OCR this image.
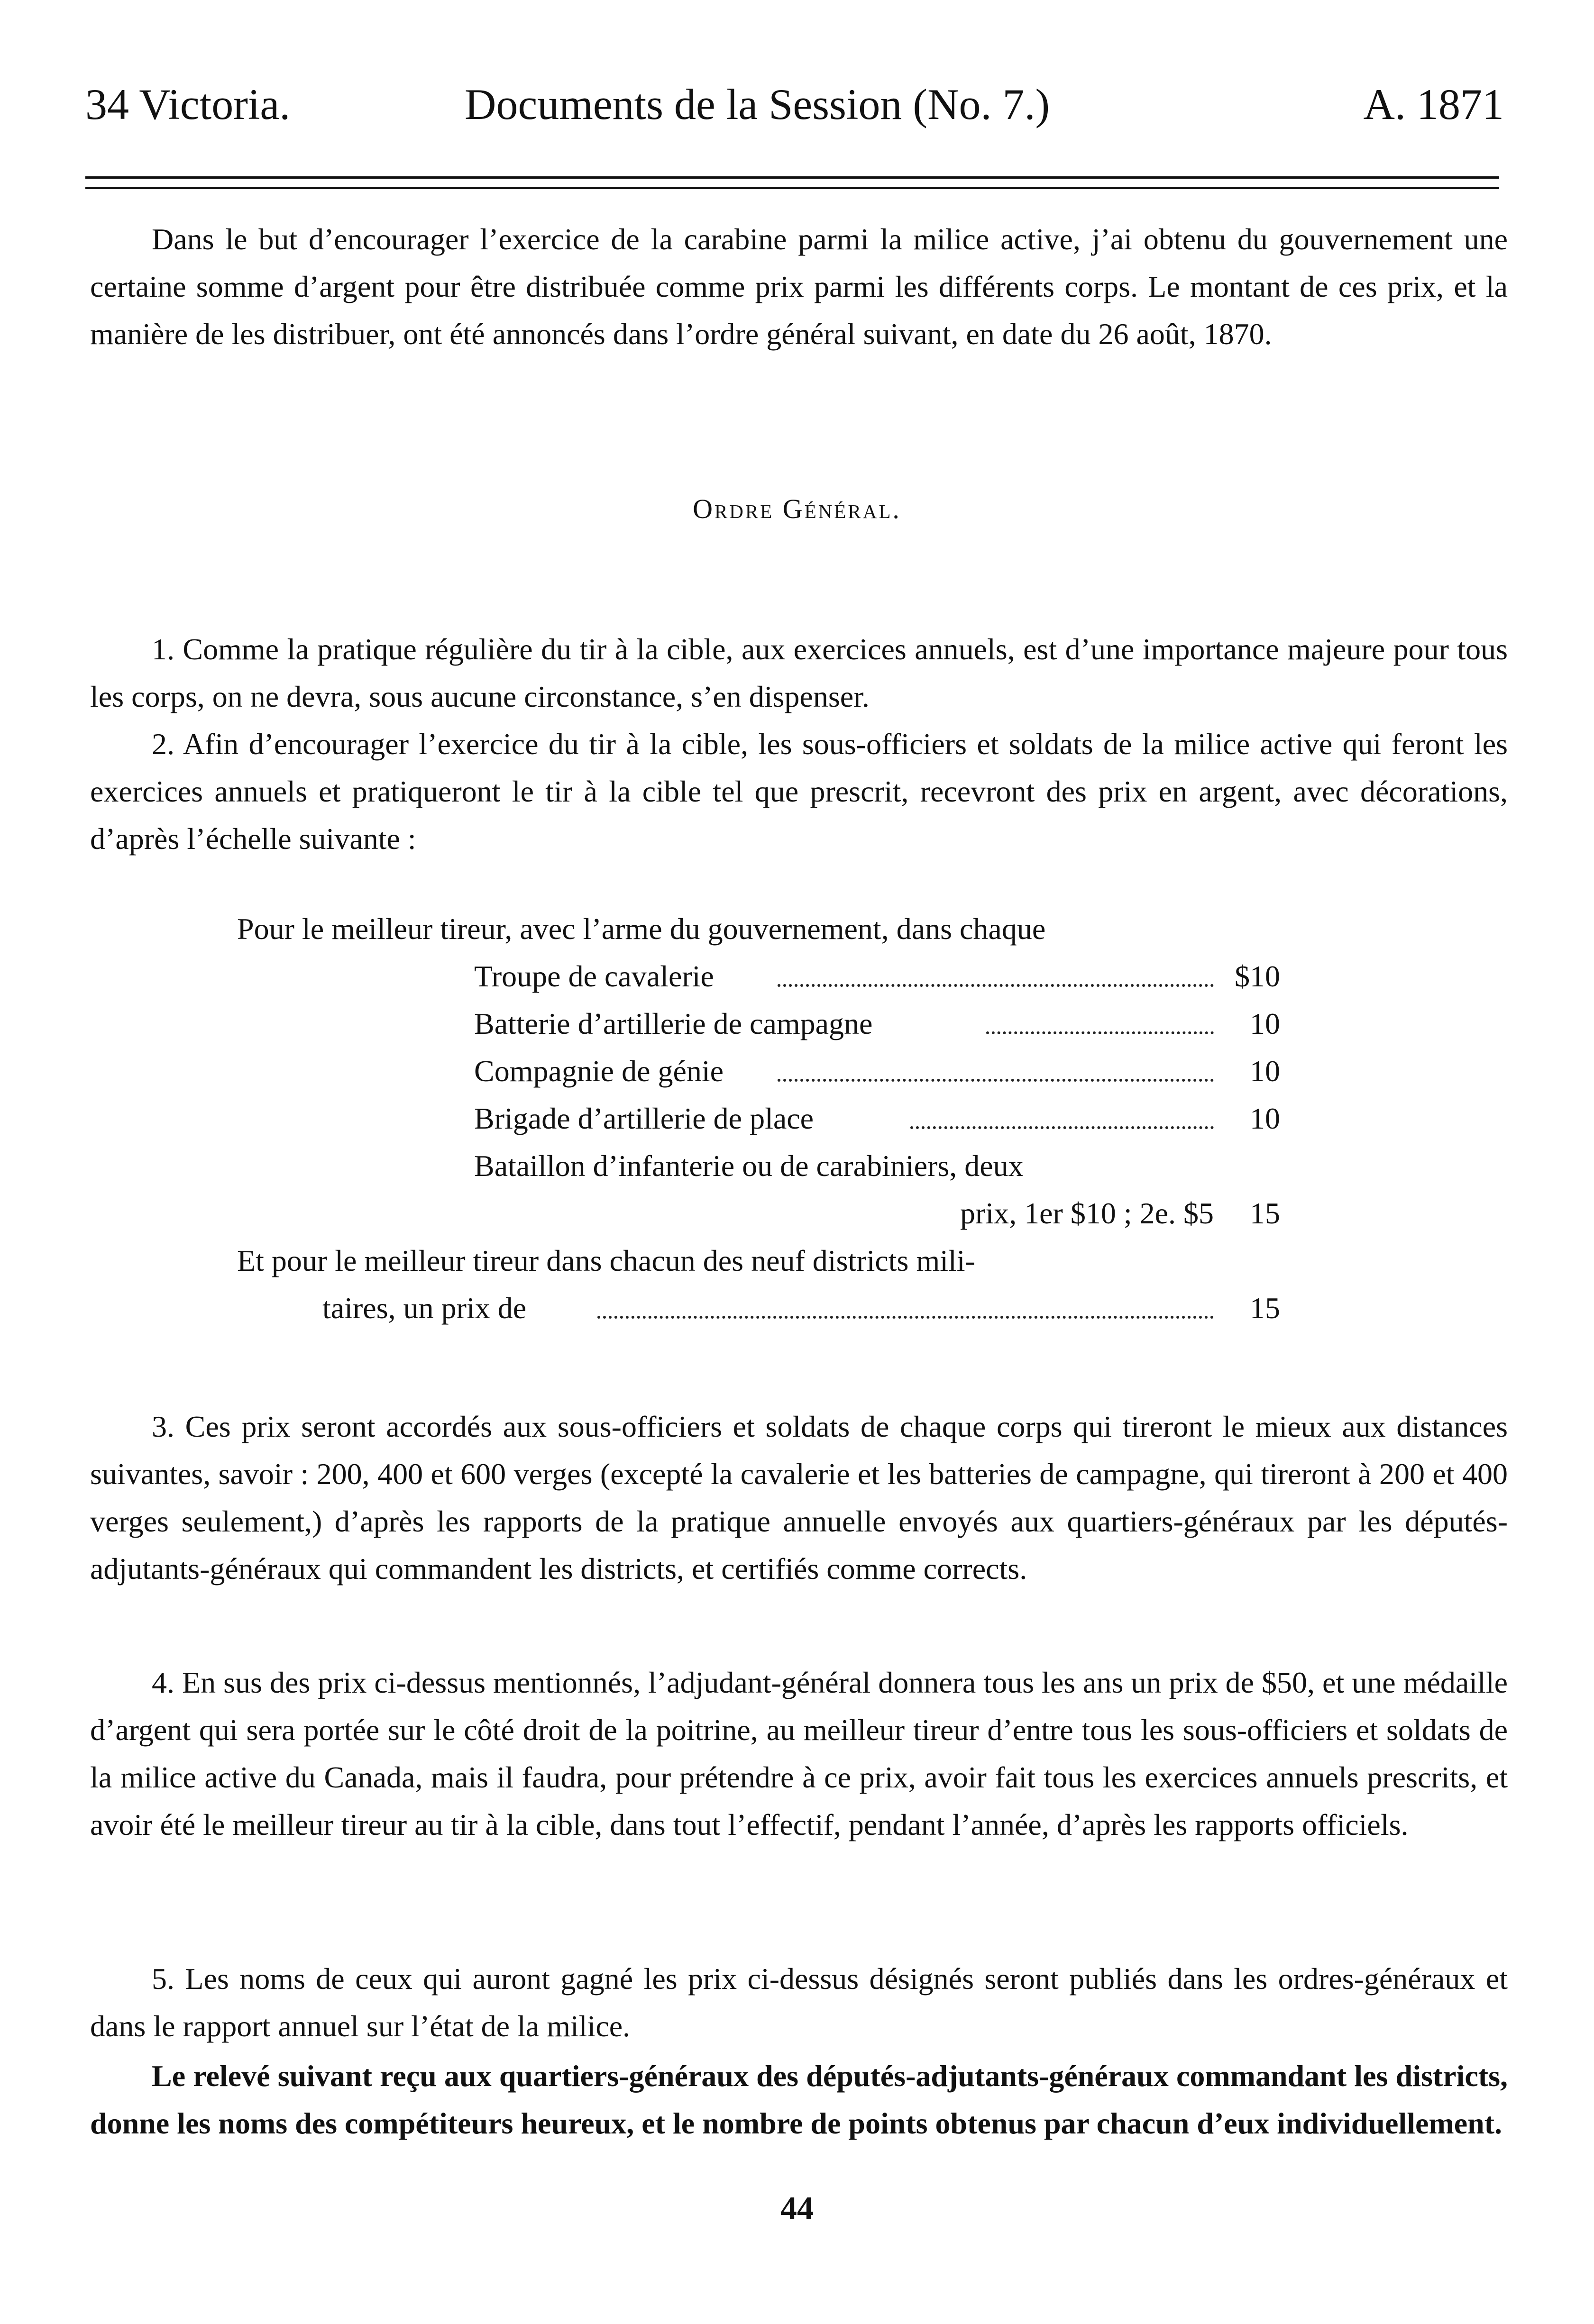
34 Victoria.	Documents de la Session (No. 7.)	A. 1871

Dans le but d’encourager l’exercice de la carabine parmi la milice active, j’ai obtenu du gouvernement une certaine somme d’argent pour être distribuée comme prix parmi les différents corps. Le montant de ces prix, et la manière de les distribuer, ont été annoncés dans l’ordre général suivant, en date du 26 août, 1870.

Ordre Général.

1. Comme la pratique régulière du tir à la cible, aux exercices annuels, est d’une importance majeure pour tous les corps, on ne devra, sous aucune circonstance, s’en dispenser.

2. Afin d’encourager l’exercice du tir à la cible, les sous-officiers et soldats de la milice active qui feront les exercices annuels et pratiqueront le tir à la cible tel que prescrit, recevront des prix en argent, avec décorations, d’après l’échelle suivante :

Pour le meilleur tireur, avec l’arme du gouvernement, dans chaque
Troupe de cavalerie	$10
Batterie d’artillerie de campagne	10
Compagnie de génie	10
Brigade d’artillerie de place	10
Bataillon d’infanterie ou de carabiniers, deux
prix, 1er $10 ; 2e. $5	15
Et pour le meilleur tireur dans chacun des neuf districts mili-
taires, un prix de	15

3. Ces prix seront accordés aux sous-officiers et soldats de chaque corps qui tireront le mieux aux distances suivantes, savoir : 200, 400 et 600 verges (excepté la cavalerie et les batteries de campagne, qui tireront à 200 et 400 verges seulement,) d’après les rapports de la pratique annuelle envoyés aux quartiers-généraux par les députés-adjutants-généraux qui commandent les districts, et certifiés comme corrects.

4. En sus des prix ci-dessus mentionnés, l’adjudant-général donnera tous les ans un prix de $50, et une médaille d’argent qui sera portée sur le côté droit de la poitrine, au meilleur tireur d’entre tous les sous-officiers et soldats de la milice active du Canada, mais il faudra, pour prétendre à ce prix, avoir fait tous les exercices annuels prescrits, et avoir été le meilleur tireur au tir à la cible, dans tout l’effectif, pendant l’année, d’après les rapports officiels.

5. Les noms de ceux qui auront gagné les prix ci-dessus désignés seront publiés dans les ordres-généraux et dans le rapport annuel sur l’état de la milice.

Le relevé suivant reçu aux quartiers-généraux des députés-adjutants-généraux commandant les districts, donne les noms des compétiteurs heureux, et le nombre de points obtenus par chacun d’eux individuellement.

44
